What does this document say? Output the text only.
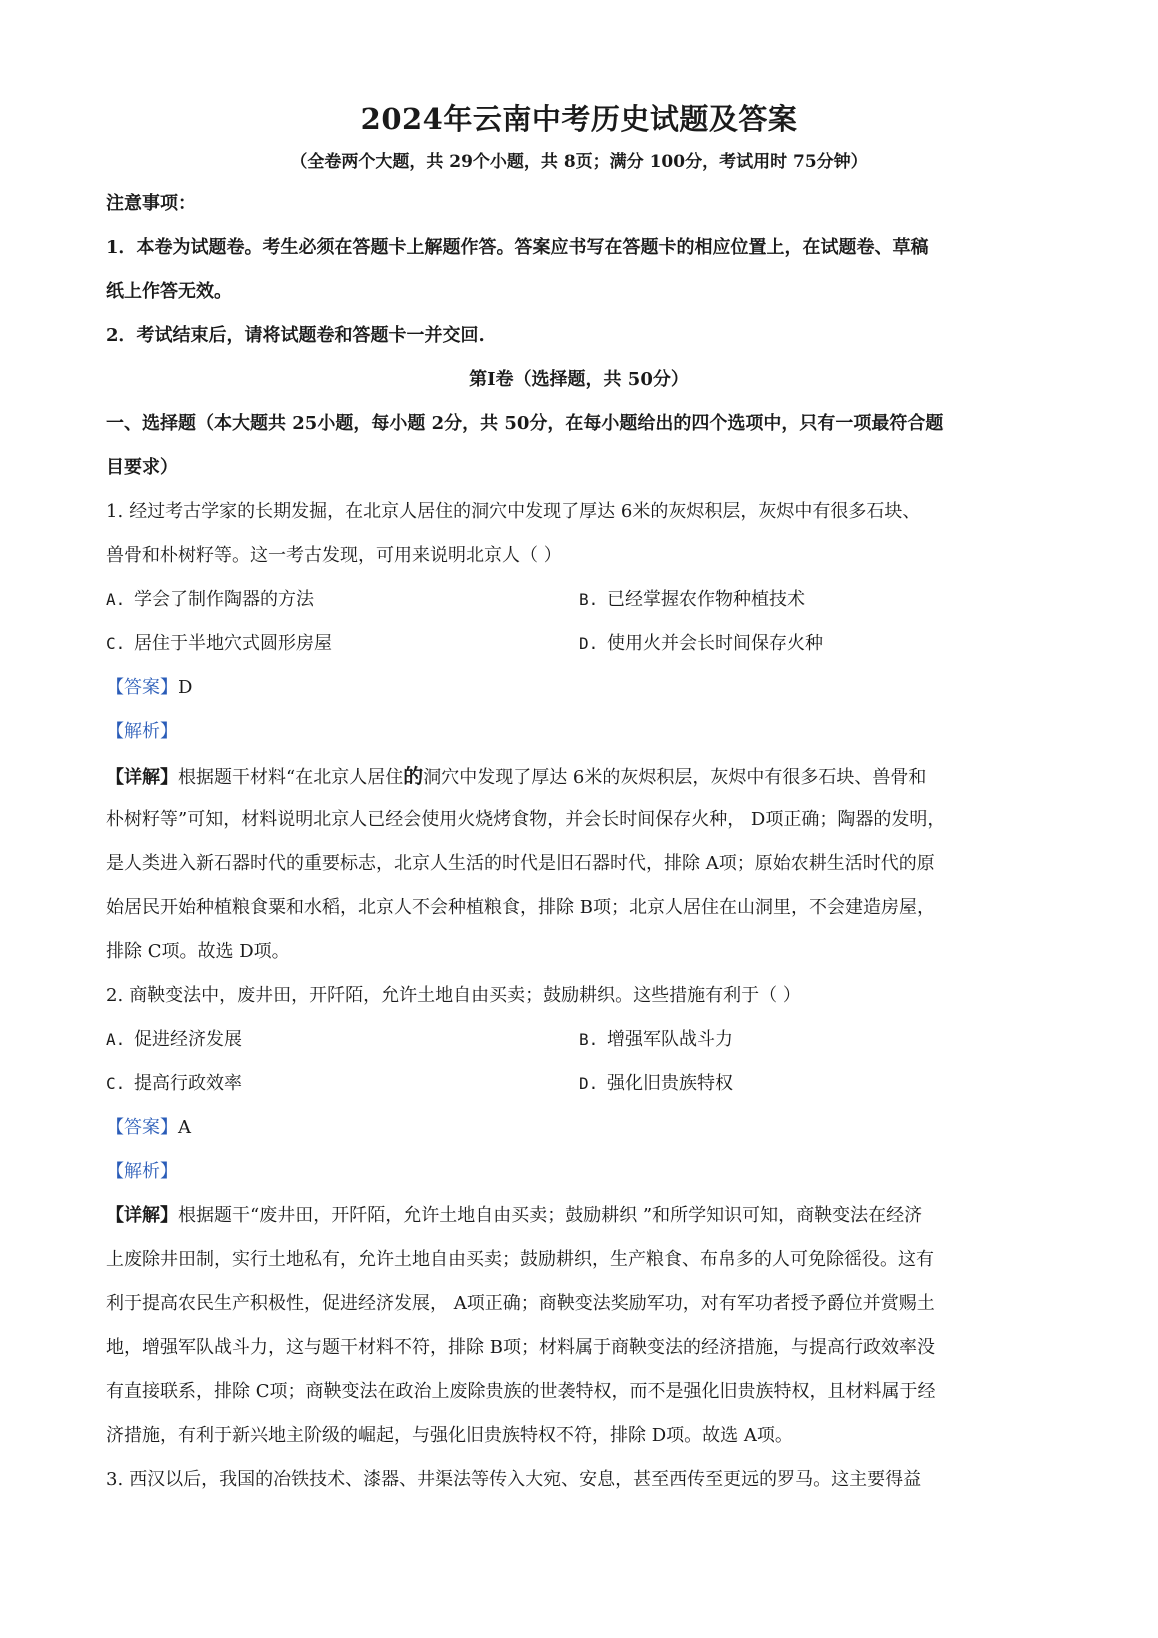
2024年云南中考历史试题及答案
（全卷两个大题，共 29个小题，共 8页；满分 100分，考试用时 75分钟）
注意事项：
1．本卷为试题卷。考生必须在答题卡上解题作答。答案应书写在答题卡的相应位置上，在试题卷、草稿
纸上作答无效。
2．考试结束后，请将试题卷和答题卡一并交回.
第Ⅰ卷（选择题，共 50分）
一、选择题（本大题共 25小题，每小题 2分，共 50分，在每小题给出的四个选项中，只有一项最符合题
目要求）
1. 经过考古学家的长期发掘，在北京人居住的洞穴中发现了厚达 6米的灰烬积层，灰烬中有很多石块、
兽骨和朴树籽等。这一考古发现，可用来说明北京人（ ）
A. 学会了制作陶器的方法	B. 已经掌握农作物种植技术
C. 居住于半地穴式圆形房屋	D. 使用火并会长时间保存火种
【答案】D
【解析】
【详解】根据题干材料“在北京人居住的洞穴中发现了厚达 6米的灰烬积层，灰烬中有很多石块、兽骨和
朴树籽等”可知，材料说明北京人已经会使用火烧烤食物，并会长时间保存火种， D项正确；陶器的发明，
是人类进入新石器时代的重要标志，北京人生活的时代是旧石器时代，排除 A项；原始农耕生活时代的原
始居民开始种植粮食粟和水稻，北京人不会种植粮食，排除 B项；北京人居住在山洞里，不会建造房屋，
排除 C项。故选 D项。
2. 商鞅变法中，废井田，开阡陌，允许土地自由买卖；鼓励耕织。这些措施有利于（ ）
A. 促进经济发展	B. 增强军队战斗力
C. 提高行政效率	D. 强化旧贵族特权
【答案】A
【解析】
【详解】根据题干“废井田，开阡陌，允许土地自由买卖；鼓励耕织 ”和所学知识可知，商鞅变法在经济
上废除井田制，实行土地私有，允许土地自由买卖；鼓励耕织，生产粮食、布帛多的人可免除徭役。这有
利于提高农民生产积极性，促进经济发展， A项正确；商鞅变法奖励军功，对有军功者授予爵位并赏赐土
地，增强军队战斗力，这与题干材料不符，排除 B项；材料属于商鞅变法的经济措施，与提高行政效率没
有直接联系，排除 C项；商鞅变法在政治上废除贵族的世袭特权，而不是强化旧贵族特权，且材料属于经
济措施，有利于新兴地主阶级的崛起，与强化旧贵族特权不符，排除 D项。故选 A项。
3. 西汉以后，我国的冶铁技术、漆器、井渠法等传入大宛、安息，甚至西传至更远的罗马。这主要得益
